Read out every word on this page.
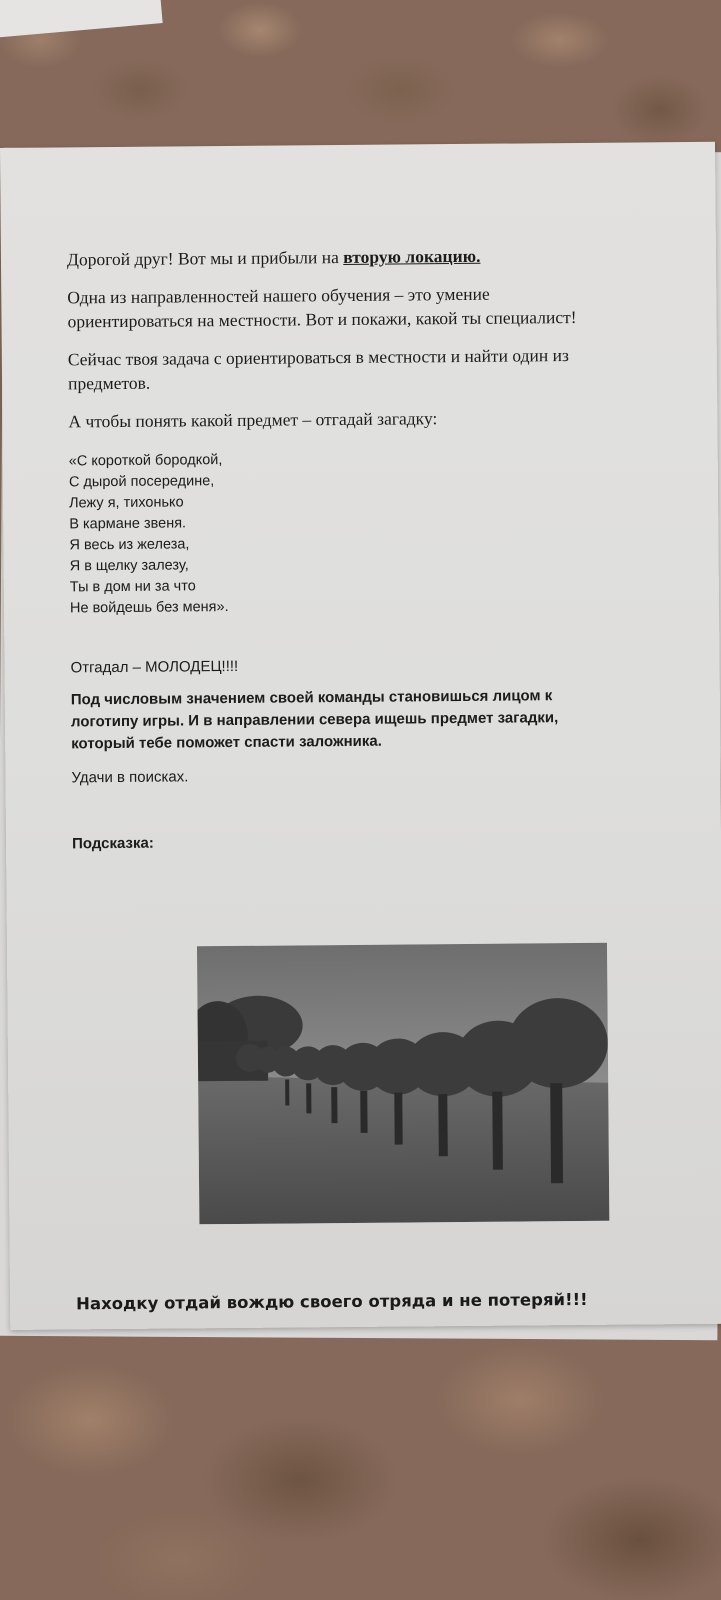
Дорогой друг! Вот мы и прибыли на вторую локацию.

Одна из направленностей нашего обучения – это умение
ориентироваться на местности. Вот и покажи, какой ты специалист!

Сейчас твоя задача с ориентироваться в местности и найти один из
предметов.

А чтобы понять какой предмет – отгадай загадку:

«С короткой бородкой,
С дырой посередине,
Лежу я, тихонько
В кармане звеня.
Я весь из железа,
Я в щелку залезу,
Ты в дом ни за что
Не войдешь без меня».

Отгадал – МОЛОДЕЦ!!!!

Под числовым значением своей команды становишься лицом к
логотипу игры. И в направлении севера ищешь предмет загадки,
который тебе поможет спасти заложника.

Удачи в поисках.

Подсказка:

Находку отдай вождю своего отряда и не потеряй!!!
